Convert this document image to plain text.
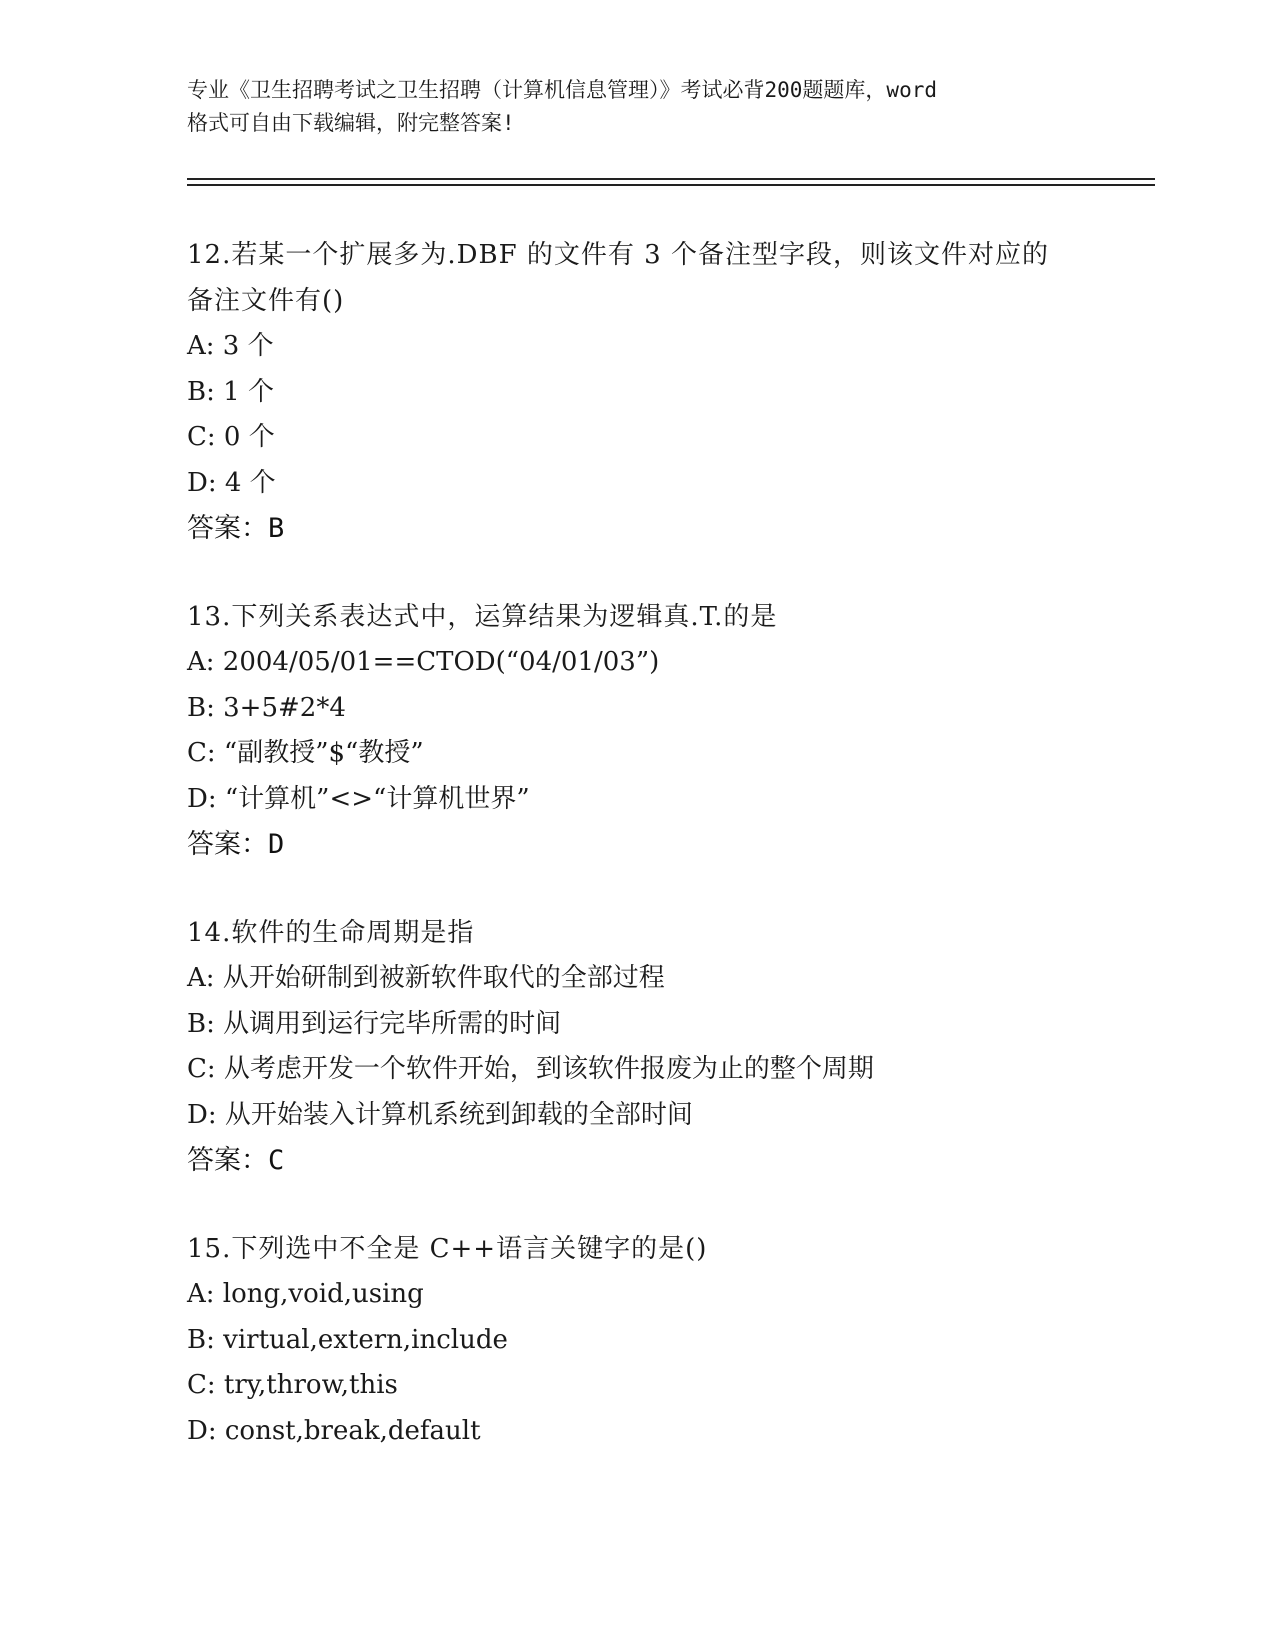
专业《卫生招聘考试之卫生招聘（计算机信息管理）》考试必背200题题库，word
格式可自由下载编辑，附完整答案!
12.若某一个扩展多为.DBF 的文件有 3 个备注型字段，则该文件对应的
备注文件有()
A: 3 个
B: 1 个
C: 0 个
D: 4 个
答案：B
13.下列关系表达式中，运算结果为逻辑真.T.的是
A: 2004/05/01==CTOD(“04/01/03”)
B: 3+5#2*4
C: “副教授”$“教授”
D: “计算机”<>“计算机世界”
答案：D
14.软件的生命周期是指
A: 从开始研制到被新软件取代的全部过程
B: 从调用到运行完毕所需的时间
C: 从考虑开发一个软件开始，到该软件报废为止的整个周期
D: 从开始装入计算机系统到卸载的全部时间
答案：C
15.下列选中不全是 C++语言关键字的是()
A: long,void,using
B: virtual,extern,include
C: try,throw,this
D: const,break,default
